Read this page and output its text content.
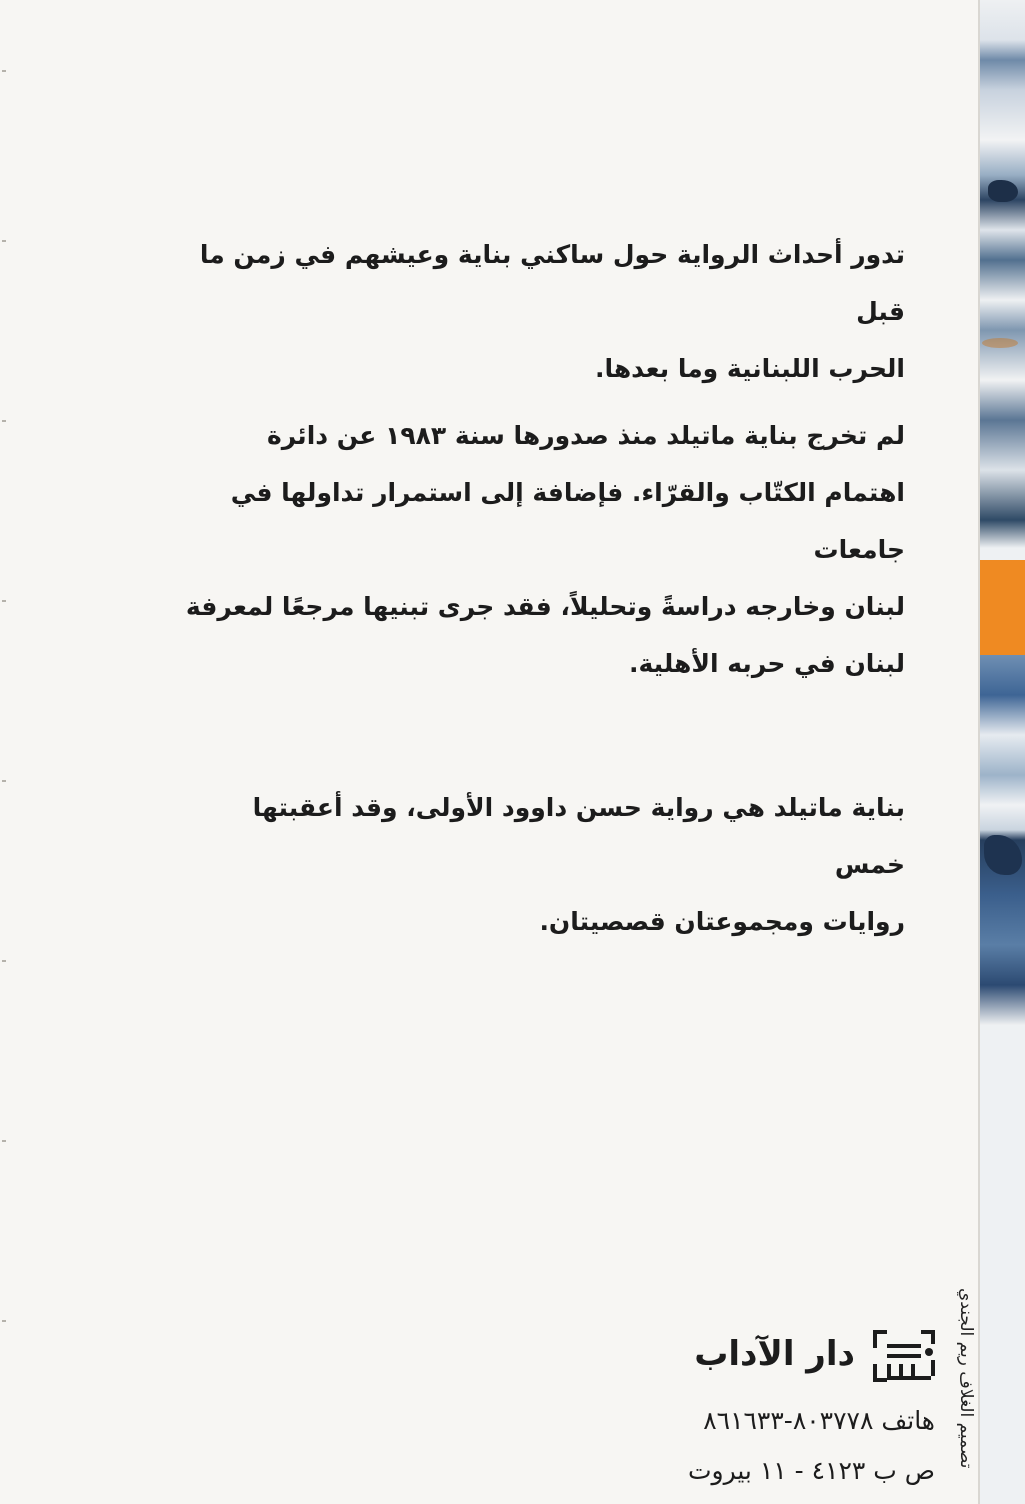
تدور أحداث الرواية حول ساكني بناية وعيشهم في زمن ما قبل

الحرب اللبنانية وما بعدها.

لم تخرج بناية ماتيلد منذ صدورها سنة ١٩٨٣ عن دائرة

اهتمام الكتّاب والقرّاء. فإضافة إلى استمرار تداولها في جامعات

لبنان وخارجه دراسةً وتحليلاً، فقد جرى تبنيها مرجعًا لمعرفة

لبنان في حربه الأهلية.

بناية ماتيلد هي رواية حسن داوود الأولى، وقد أعقبتها خمس

روايات ومجموعتان قصصيتان.

دار الآداب
هاتف ٨٠٣٧٧٨-٨٦١٦٣٣
ص ب ٤١٢٣ - ١١ بيروت
تصميم الغلاف ريم الجندي
